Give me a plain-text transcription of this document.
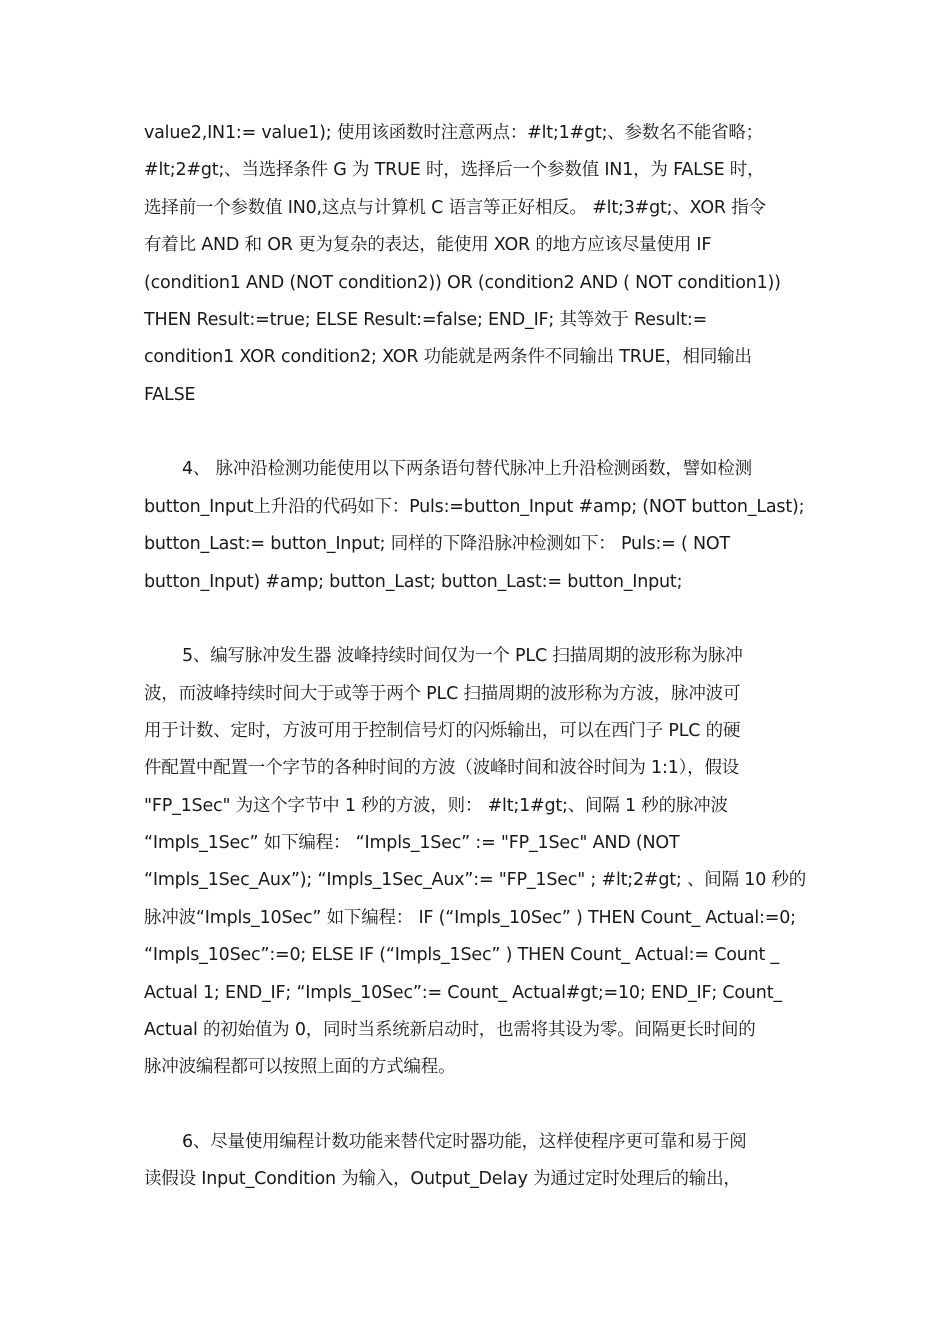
value2,IN1:= value1); 使用该函数时注意两点：#lt;1#gt;、参数名不能省略；
#lt;2#gt;、当选择条件 G 为 TRUE 时，选择后一个参数值 IN1，为 FALSE 时，
选择前一个参数值 IN0,这点与计算机 C 语言等正好相反。 #lt;3#gt;、XOR 指令
有着比 AND 和 OR 更为复杂的表达，能使用 XOR 的地方应该尽量使用 IF
(condition1 AND (NOT condition2)) OR (condition2 AND ( NOT condition1))
THEN Result:=true; ELSE Result:=false; END_IF; 其等效于 Result:=
condition1 XOR condition2; XOR 功能就是两条件不同输出 TRUE，相同输出
FALSE
4、 脉冲沿检测功能使用以下两条语句替代脉冲上升沿检测函数，譬如检测
button_Input上升沿的代码如下：Puls:=button_Input #amp; (NOT button_Last);
button_Last:= button_Input; 同样的下降沿脉冲检测如下： Puls:= ( NOT
button_Input) #amp; button_Last; button_Last:= button_Input;
5、编写脉冲发生器 波峰持续时间仅为一个 PLC 扫描周期的波形称为脉冲
波，而波峰持续时间大于或等于两个 PLC 扫描周期的波形称为方波，脉冲波可
用于计数、定时，方波可用于控制信号灯的闪烁输出，可以在西门子 PLC 的硬
件配置中配置一个字节的各种时间的方波（波峰时间和波谷时间为 1:1），假设
"FP_1Sec" 为这个字节中 1 秒的方波，则： #lt;1#gt;、间隔 1 秒的脉冲波
“Impls_1Sec” 如下编程： “Impls_1Sec” := "FP_1Sec" AND (NOT
“Impls_1Sec_Aux”); “Impls_1Sec_Aux”:= "FP_1Sec" ; #lt;2#gt; 、间隔 10 秒的
脉冲波“Impls_10Sec” 如下编程： IF (“Impls_10Sec” ) THEN Count_ Actual:=0;
“Impls_10Sec”:=0; ELSE IF (“Impls_1Sec” ) THEN Count_ Actual:= Count _
Actual 1; END_IF; “Impls_10Sec”:= Count_ Actual#gt;=10; END_IF; Count_
Actual 的初始值为 0，同时当系统新启动时，也需将其设为零。间隔更长时间的
脉冲波编程都可以按照上面的方式编程。
6、尽量使用编程计数功能来替代定时器功能，这样使程序更可靠和易于阅
读假设 Input_Condition 为输入，Output_Delay 为通过定时处理后的输出，
